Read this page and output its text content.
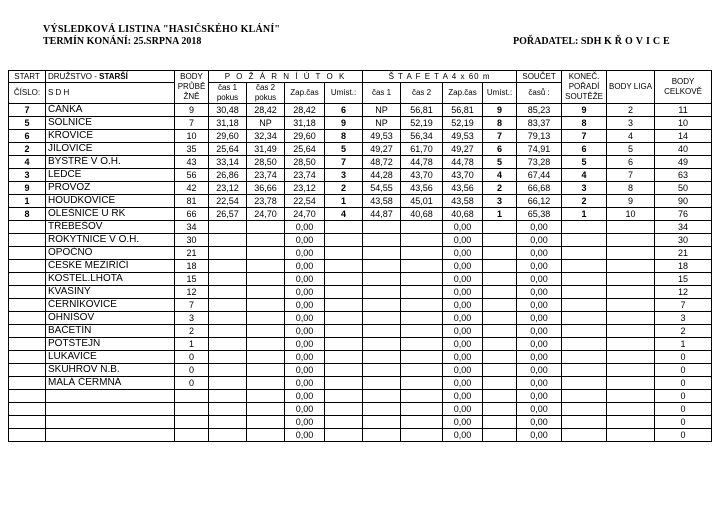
VÝSLEDKOVÁ LISTINA "HASIČSKÉHO KLÁNÍ"
TERMÍN KONÁNÍ: 25.SRPNA 2018	POŘADATEL: SDH KŘOVICE
START	DRUŽSTVO - STARŠÍ	BODY PRŮBĚ ŽNĚ	P O Ž Á R N Í Ú T O K				Š T A F E T A 4 x 60 m				SOUČET	KONEČ. POŘADÍ SOUTĚŽE	BODY LIGA	BODY CELKOVĚ
ČÍSLO:	S D H		čas 1 pokus	čas 2 pokus	Zap.čas	Umíst.:	čas 1	čas 2	Zap.čas	Umíst.:				
											časů :			
7	ČÁNKA	9	30,48	28,42	28,42	6	NP	56,81	56,81	9	85,23	9	2	11
5	SOLNICE	7	31,18	NP	31,18	9	NP	52,19	52,19	8	83,37	8	3	10
6	KŘOVICE	10	29,60	32,34	29,60	8	49,53	56,34	49,53	7	79,13	7	4	14
2	JÍLOVICE	35	25,64	31,49	25,64	5	49,27	61,70	49,27	6	74,91	6	5	40
4	BYSTRÉ V O.H.	43	33,14	28,50	28,50	7	48,72	44,78	44,78	5	73,28	5	6	49
3	LEDCE	56	26,86	23,74	23,74	3	44,28	43,70	43,70	4	67,44	4	7	63
9	PROVOZ	42	23,12	36,66	23,12	2	54,55	43,56	43,56	2	66,68	3	8	50
1	HOUDKOVICE	81	22,54	23,78	22,54	1	43,58	45,01	43,58	3	66,12	2	9	90
8	OLEŠNICE U RK	66	26,57	24,70	24,70	4	44,87	40,68	40,68	1	65,38	1	10	76
	TŘEBEŠOV	34			0,00				0,00		0,00			34
	ROKYTNICE V O.H.	30			0,00				0,00		0,00			30
	OPOČNO	21			0,00				0,00		0,00			21
	ČESKÉ MEZIŘÍČÍ	18			0,00				0,00		0,00			18
	KOSTEL.LHOTA	15			0,00				0,00		0,00			15
	KVASINY	12			0,00				0,00		0,00			12
	ČERNÍKOVICE	7			0,00				0,00		0,00			7
	OHNIŠOV	3			0,00				0,00		0,00			3
	BAČETÍN	2			0,00				0,00		0,00			2
	POTŠTEJN	1			0,00				0,00		0,00			1
	LUKAVICE	0			0,00				0,00		0,00			0
	SKUHROV N.B.	0			0,00				0,00		0,00			0
	MALÁ ČERMNÁ	0			0,00				0,00		0,00			0
					0,00				0,00		0,00			0
					0,00				0,00		0,00			0
					0,00				0,00		0,00			0
					0,00				0,00		0,00			0
